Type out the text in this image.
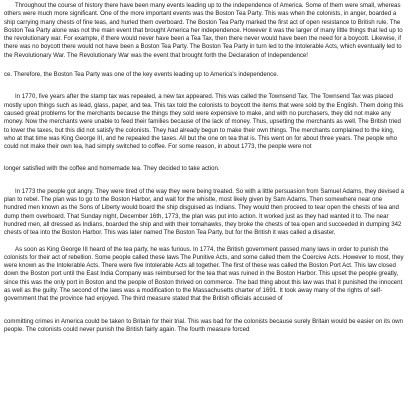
Throughout the course of history there have been many events leading up to the independence of America. Some of them were small, whereas others were much more significant. One of the more important events was the Boston Tea Party. This was when the colonists, in anger, boarded a ship carrying many chests of fine teas, and hurled them overboard. The Boston Tea Party marked the first act of open resistance to British rule. The Boston Tea Party alone was not the main event that brought America her independence. However it was the larger of many little things that led up to the revolutionary war. For example, if there would never have been a Tea Tax, then there never would have been the need for a boycott. Likewise, if there was no boycott there would not have been a Boston Tea Party. The Boston Tea Party in turn led to the Intolerable Acts, which eventually led to the Revolutionary War. The Revolutionary War was the event that brought forth the Declaration of Independence!

ce. Therefore, the Boston Tea Party was one of the key events leading up to America's independence.

In 1770, five years after the stamp tax was repealed, a new tax appeared. This was called the Townsend Tax. The Townsend Tax was placed mostly upon things such as lead, glass, paper, and tea. This tax told the colonists to boycott the items that were sold by the English. Them doing this caused great problems for the merchants because the things they sold were expensive to make, and with no purchasers, they did not make any money. Now the merchants were unable to feed their families because of the lack of money. Thus, upsetting the merchants as well. The British tried to lower the taxes, but this did not satisfy the colonists. They had already begun to make their own things. The merchants complained to the king, who at that time was King George III, and he repealed the taxes. All but the one on tea that is. This went on for about three years. The people who could not make their own tea, had simply switched to coffee. For some reason, in about 1773, the people were not

longer satisfied with the coffee and homemade tea. They decided to take action.

In 1773 the people got angry. They were tired of the way they were being treated. So with a little persuasion from Samuel Adams, they devised a plan to rebel. The plan was to go to the Boston Harbor, and wait for the whistle, most likely given by Sam Adams. Then somewhere near one hundred men known as the Sons of Liberty would board the ship disguised as Indians. They would then proceed to tear open the chests of tea and dump them overboard. That Sunday night, December 16th, 1773, the plan was put into action. It worked just as they had wanted it to. The near hundred men, all dressed as Indians, boarded the ship and with their tomahawks, they broke the chests of tea open and succeeded in dumping 342 chests of tea into the Boston Harbor. This was later named The Boston Tea Party, but for the British it was called a disaster.

As soon as King George III heard of the tea party, he was furious. In 1774, the British government passed many laws in order to punish the colonists for their act of rebellion. Some people called these laws The Punitive Acts, and some called them the Coercive Acts. However to most, they were known as the Intolerable Acts. There were five Intolerable Acts all together. The first of these was called the Boston Port Act. This law closed down the Boston port until the East India Company was reimbursed for the tea that was ruined in the Boston Harbor. This upset the people greatly, since this was the only port in Boston and the people of Boston thrived on commerce. The bad thing about this law was that it punished the innocent as well as the guilty. The second of the laws was a modification to the Massachusetts charter of 1691. It took away many of the rights of self-government that the province had enjoyed. The third measure stated that the British officials accused of

committing crimes in America could be taken to Britain for their trial. This was bad for the colonists because surely Britain would be easier on its own people. The colonists could never punish the British fairly again. The fourth measure forced
